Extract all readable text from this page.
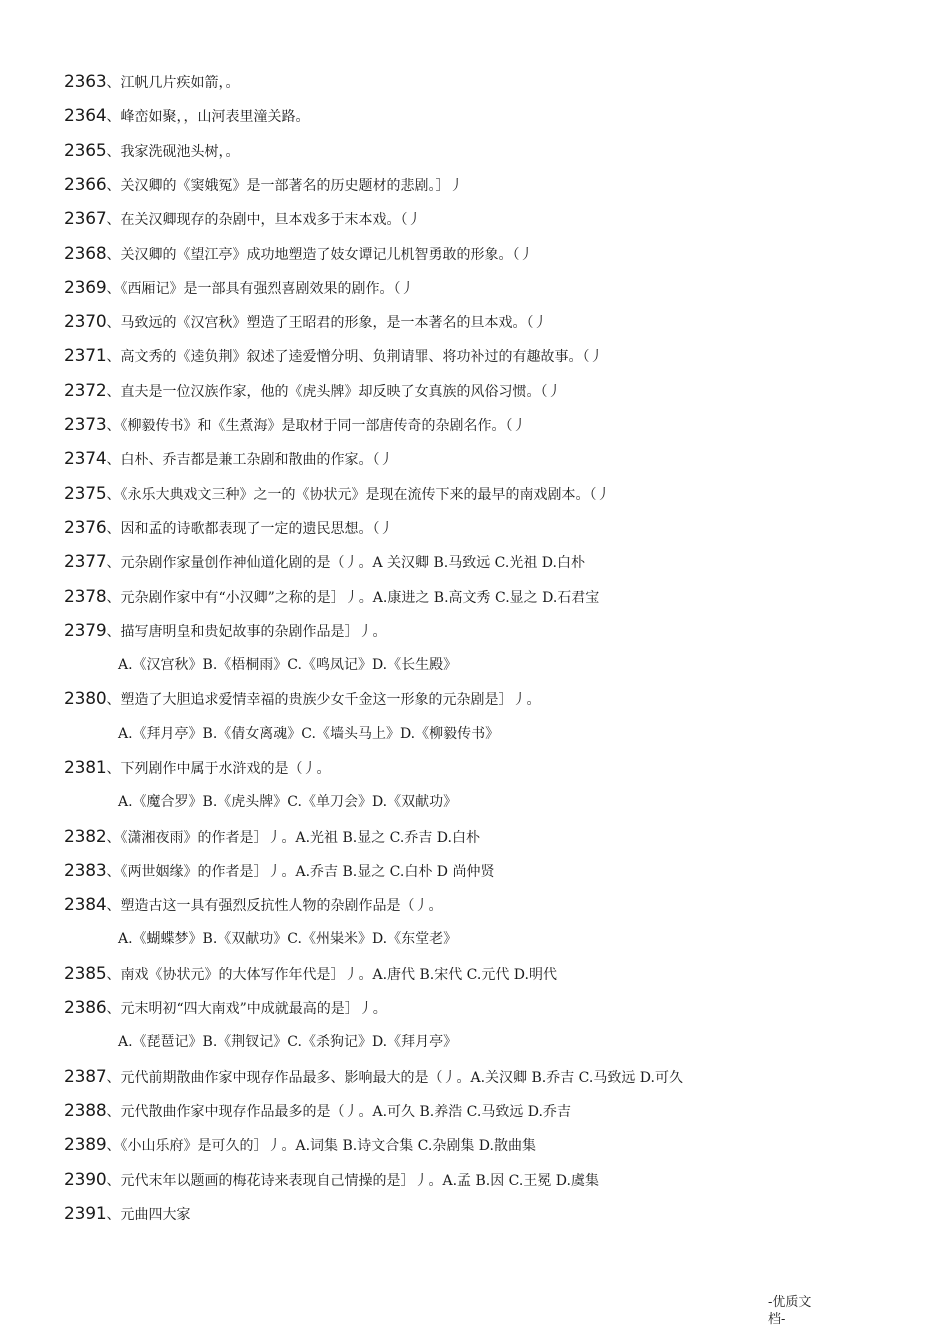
2363、江帆几片疾如箭，。
2364、峰峦如聚，，山河表里潼关路。
2365、我家洗砚池头树，。
2366、关汉卿的《窦娥冤》是一部著名的历史题材的悲剧。］丿
2367、在关汉卿现存的杂剧中，旦本戏多于末本戏。（丿
2368、关汉卿的《望江亭》成功地塑造了妓女谭记儿机智勇敢的形象。（丿
2369、《西厢记》是一部具有强烈喜剧效果的剧作。（丿
2370、马致远的《汉宫秋》塑造了王昭君的形象，是一本著名的旦本戏。（丿
2371、高文秀的《逵负荆》叙述了逵爱憎分明、负荆请罪、将功补过的有趣故事。（丿
2372、直夫是一位汉族作家，他的《虎头牌》却反映了女真族的风俗习惯。（丿
2373、《柳毅传书》和《生煮海》是取材于同一部唐传奇的杂剧名作。（丿
2374、白朴、乔吉都是兼工杂剧和散曲的作家。（丿
2375、《永乐大典戏文三种》之一的《协状元》是现在流传下来的最早的南戏剧本。（丿
2376、因和孟的诗歌都表现了一定的遗民思想。（丿
2377、元杂剧作家量创作神仙道化剧的是（丿。A 关汉卿 B.马致远 C.光祖 D.白朴
2378、元杂剧作家中有“小汉卿”之称的是］丿。A.康进之 B.高文秀 C.显之 D.石君宝
2379、描写唐明皇和贵妃故事的杂剧作品是］丿。
A.《汉宫秋》B.《梧桐雨》C.《鸣凤记》D.《长生殿》
2380、塑造了大胆追求爱情幸福的贵族少女千金这一形象的元杂剧是］丿。
A.《拜月亭》B.《倩女离魂》C.《墙头马上》D.《柳毅传书》
2381、下列剧作中属于水浒戏的是（丿。
A.《魔合罗》B.《虎头牌》C.《单刀会》D.《双献功》
2382、《潇湘夜雨》的作者是］丿。A.光祖 B.显之 C.乔吉 D.白朴
2383、《两世姻缘》的作者是］丿。A.乔吉 B.显之 C.白朴 D 尚仲贤
2384、塑造古这一具有强烈反抗性人物的杂剧作品是（丿。
A.《蝴蝶梦》B.《双献功》C.《州粜米》D.《东堂老》
2385、南戏《协状元》的大体写作年代是］丿。A.唐代 B.宋代 C.元代 D.明代
2386、元末明初“四大南戏”中成就最高的是］丿。
A.《琵琶记》B.《荆钗记》C.《杀狗记》D.《拜月亭》
2387、元代前期散曲作家中现存作品最多、影响最大的是（丿。A.关汉卿 B.乔吉 C.马致远 D.可久
2388、元代散曲作家中现存作品最多的是（丿。A.可久 B.养浩 C.马致远 D.乔吉
2389、《小山乐府》是可久的］丿。A.词集 B.诗文合集 C.杂剧集 D.散曲集
2390、元代末年以题画的梅花诗来表现自己情操的是］丿。A.孟 B.因 C.王冕 D.虞集
2391、元曲四大家
-优质文档-
